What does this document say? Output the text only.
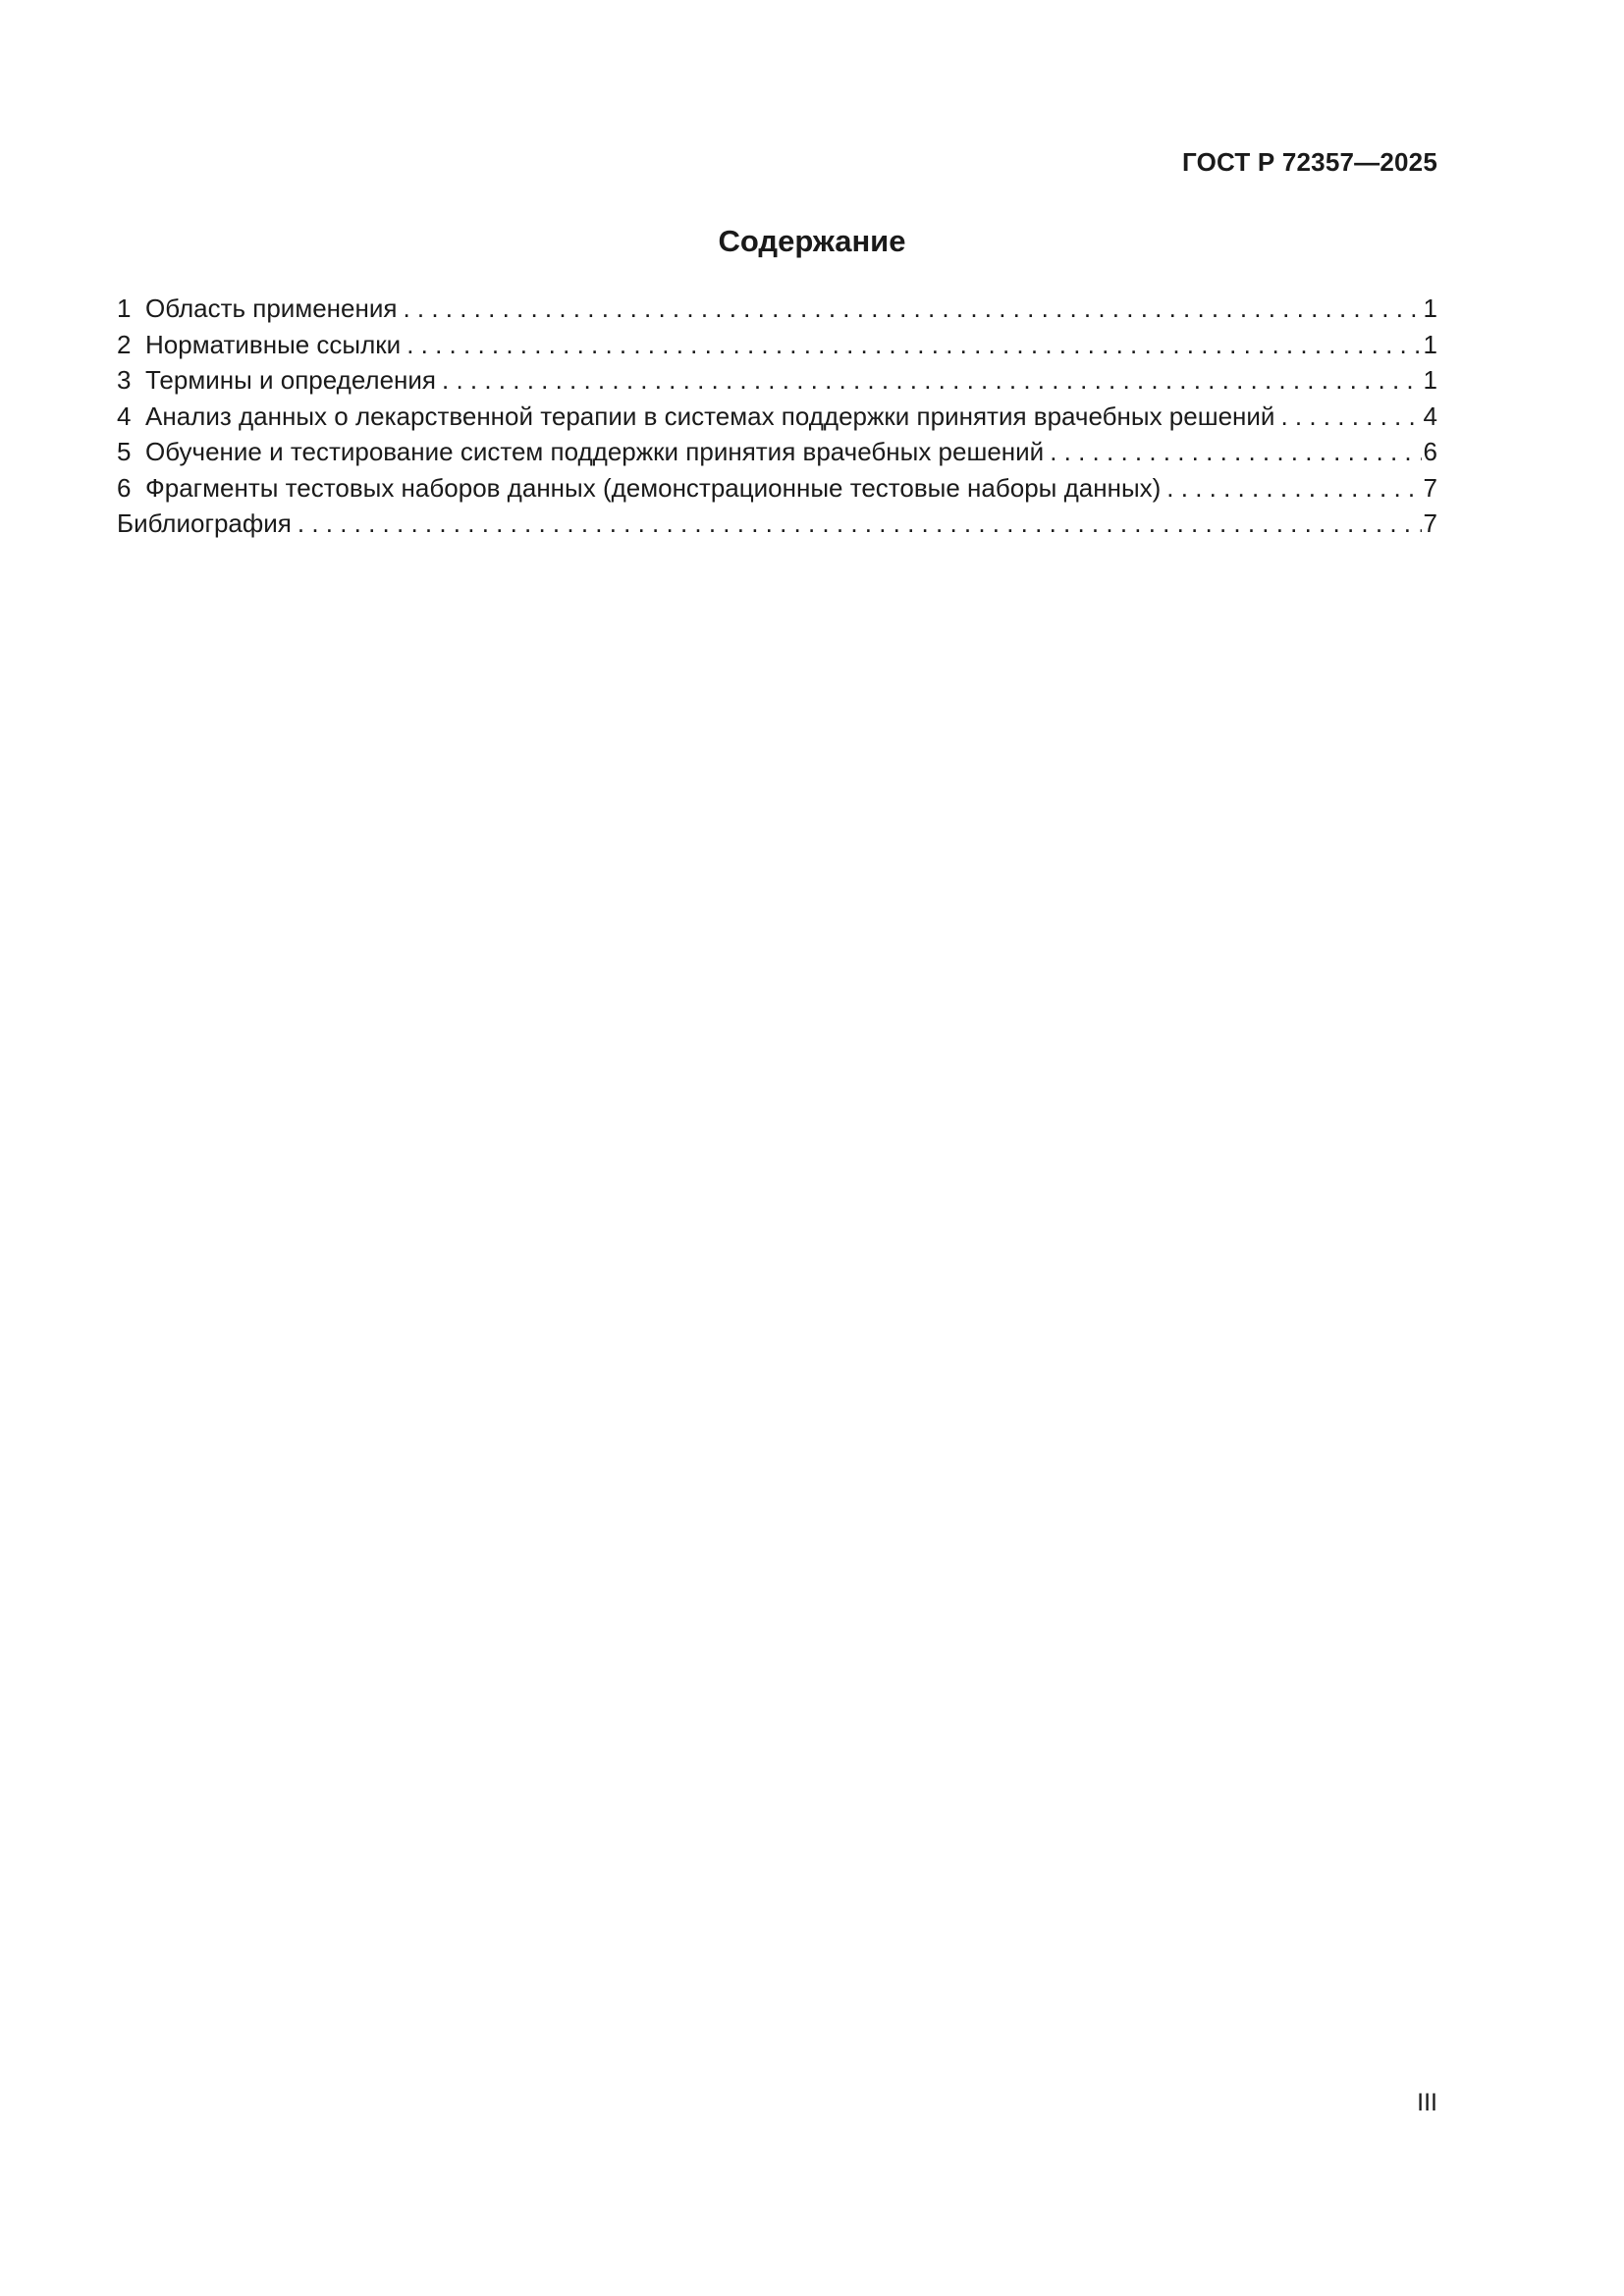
ГОСТ Р 72357—2025
Содержание
1 Область применения . . .	1
2 Нормативные ссылки . . .	1
3 Термины и определения . . .	1
4 Анализ данных о лекарственной терапии в системах поддержки принятия врачебных решений . . .	4
5 Обучение и тестирование систем поддержки принятия врачебных решений . . .	6
6 Фрагменты тестовых наборов данных (демонстрационные тестовые наборы данных) . . .	7
Библиография . . .	7
III
